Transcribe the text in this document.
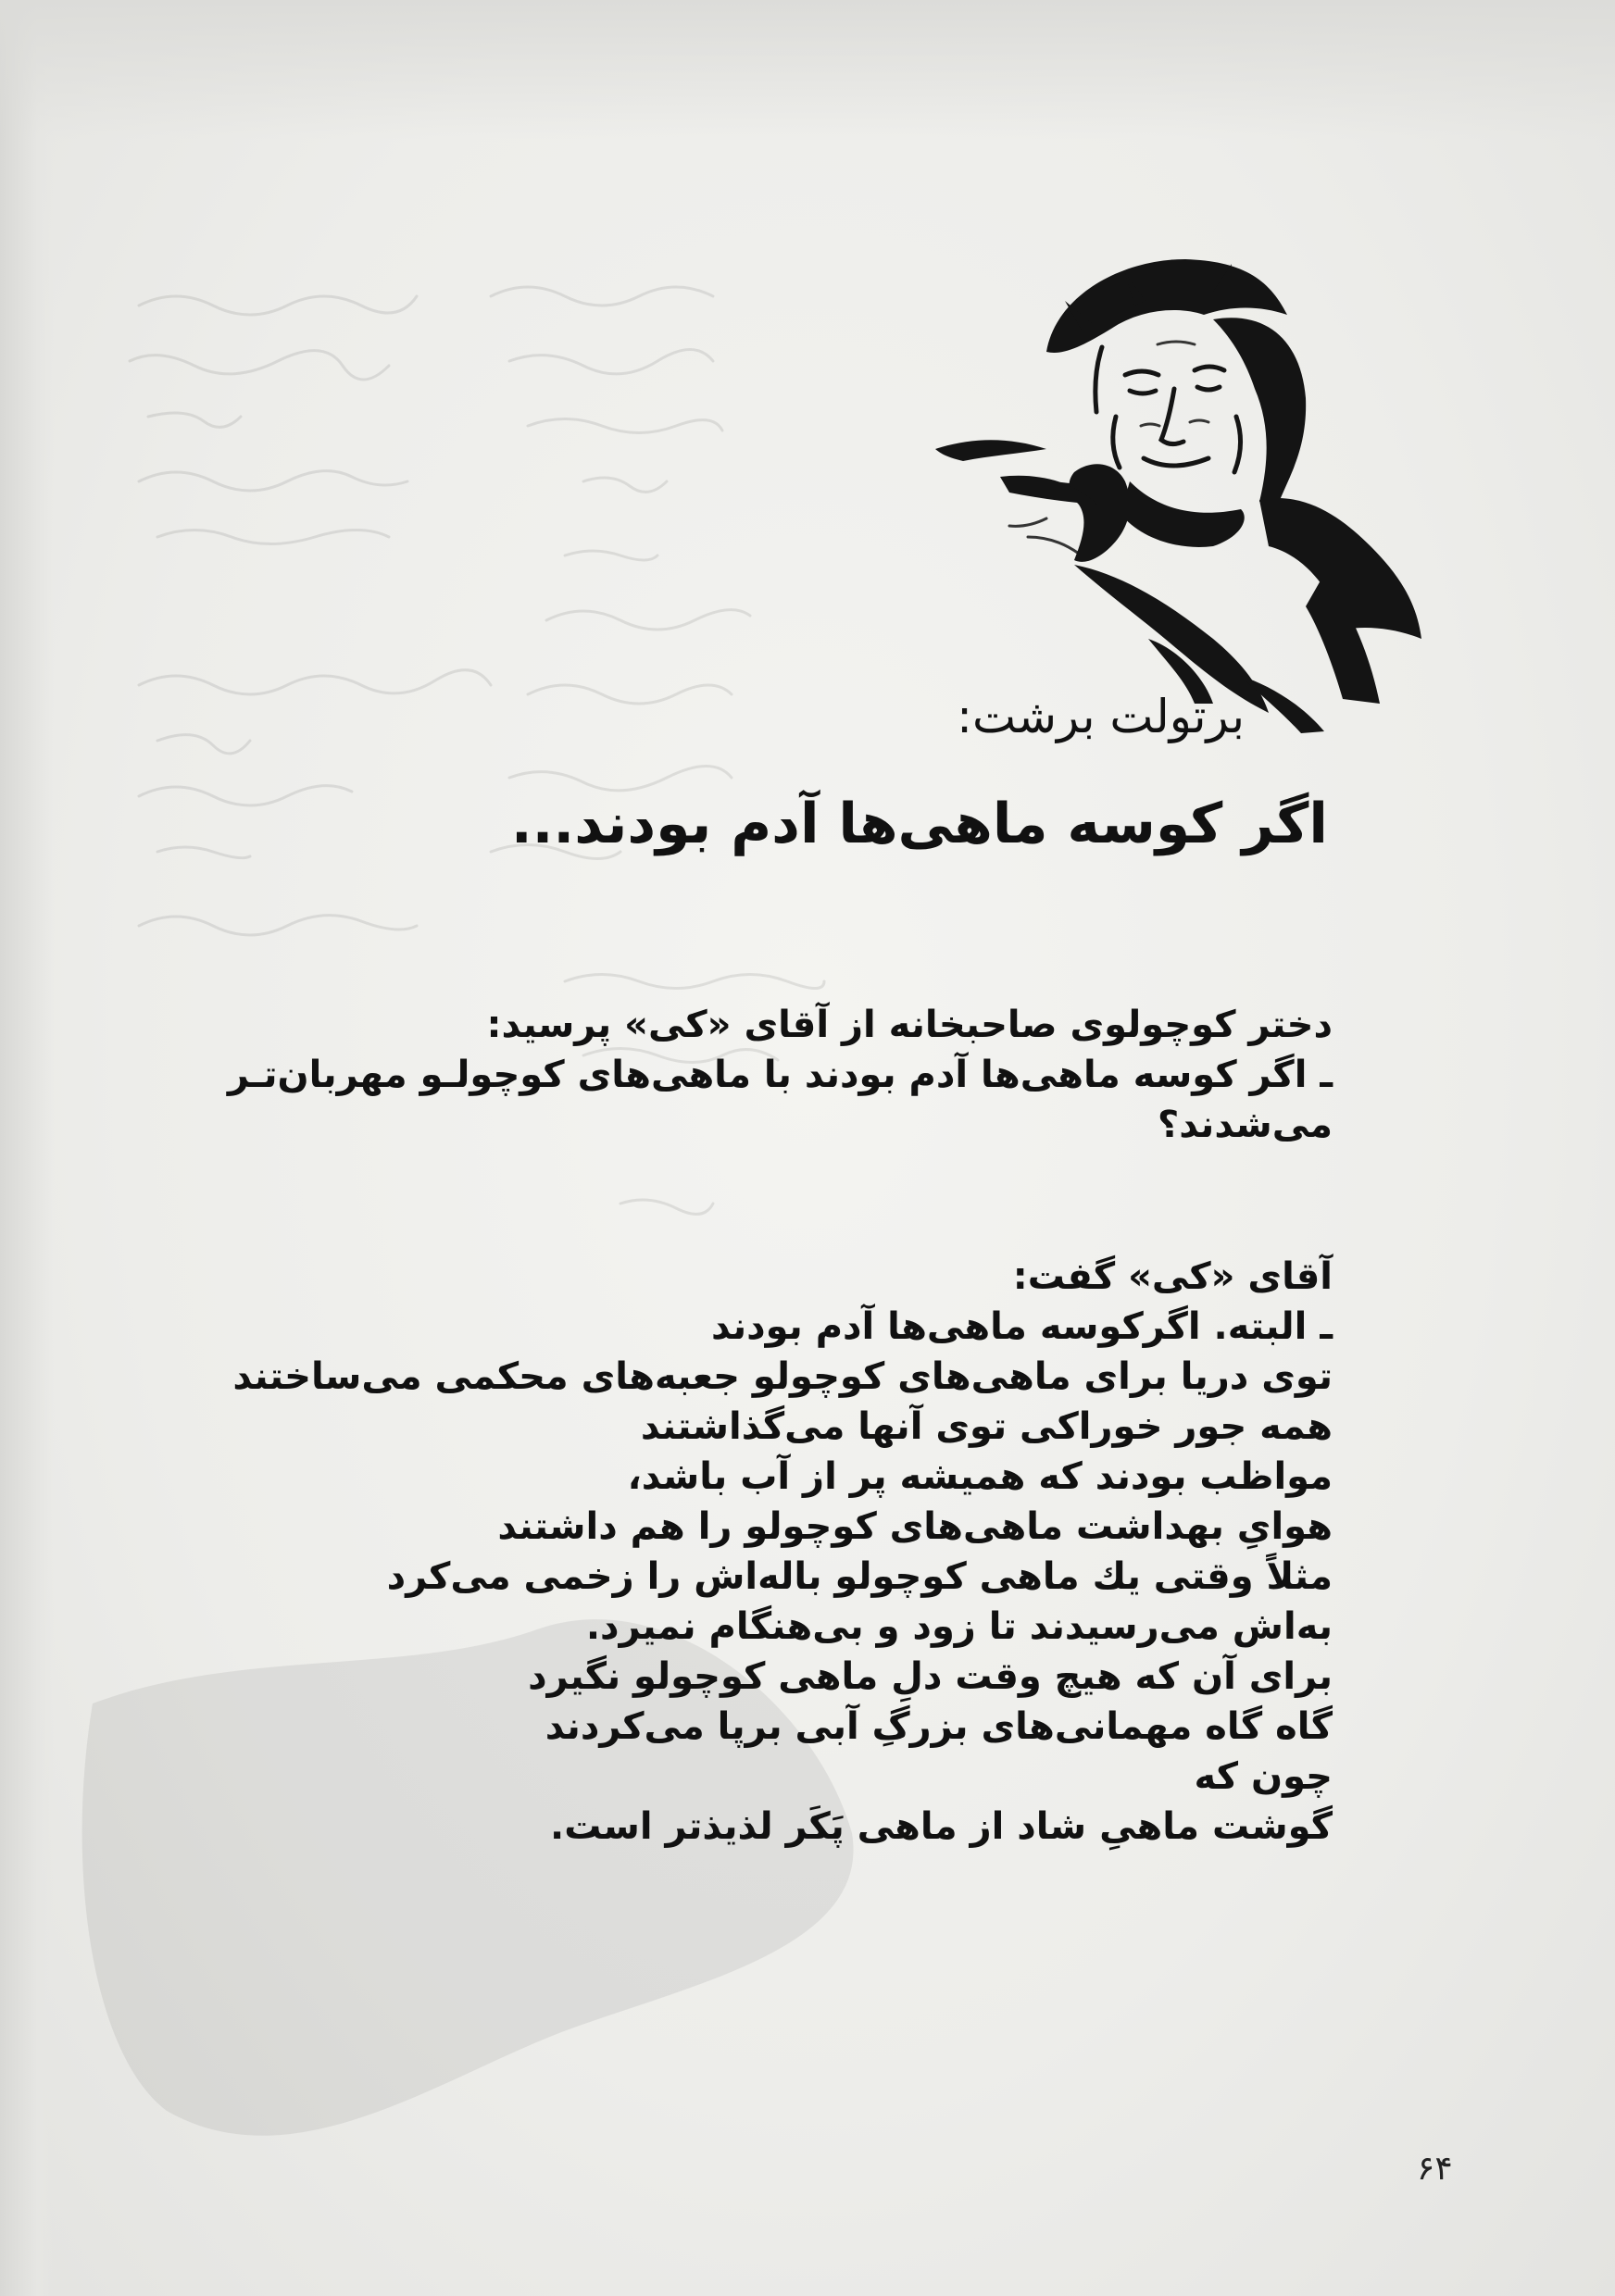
برتولت برشت:
اگر کوسه ماهی‌ها آدم بودند...
دختر کوچولوی صاحبخانه از آقای «کی» پرسید:
ـ اگر کوسه ماهی‌ها آدم بودند با ماهی‌های کوچولـو مهربان‌تـر
می‌شدند؟
آقای «کی» گفت:
ـ البته. اگرکوسه ماهی‌ها آدم بودند
توی دریا برای ماهی‌های کوچولو جعبه‌های محکمی می‌ساختند
همه جور خوراکی توی آنها می‌گذاشتند
مواظب بودند که همیشه پر از آب باشد،
هوایِ بهداشت ماهی‌های کوچولو را هم داشتند
مثلاً وقتی یك ماهی کوچولو باله‌اش را زخمی می‌کرد
به‌اش می‌رسیدند تا زود و بی‌هنگام نمیرد.
برای آن که هیچ وقت دلِ ماهی کوچولو نگیرد
گاه گاه مهمانی‌های بزرگِ آبی برپا می‌کردند
چون که
گوشت ماهیِ شاد از ماهی پَکَر لذیذتر است.
۶۴
